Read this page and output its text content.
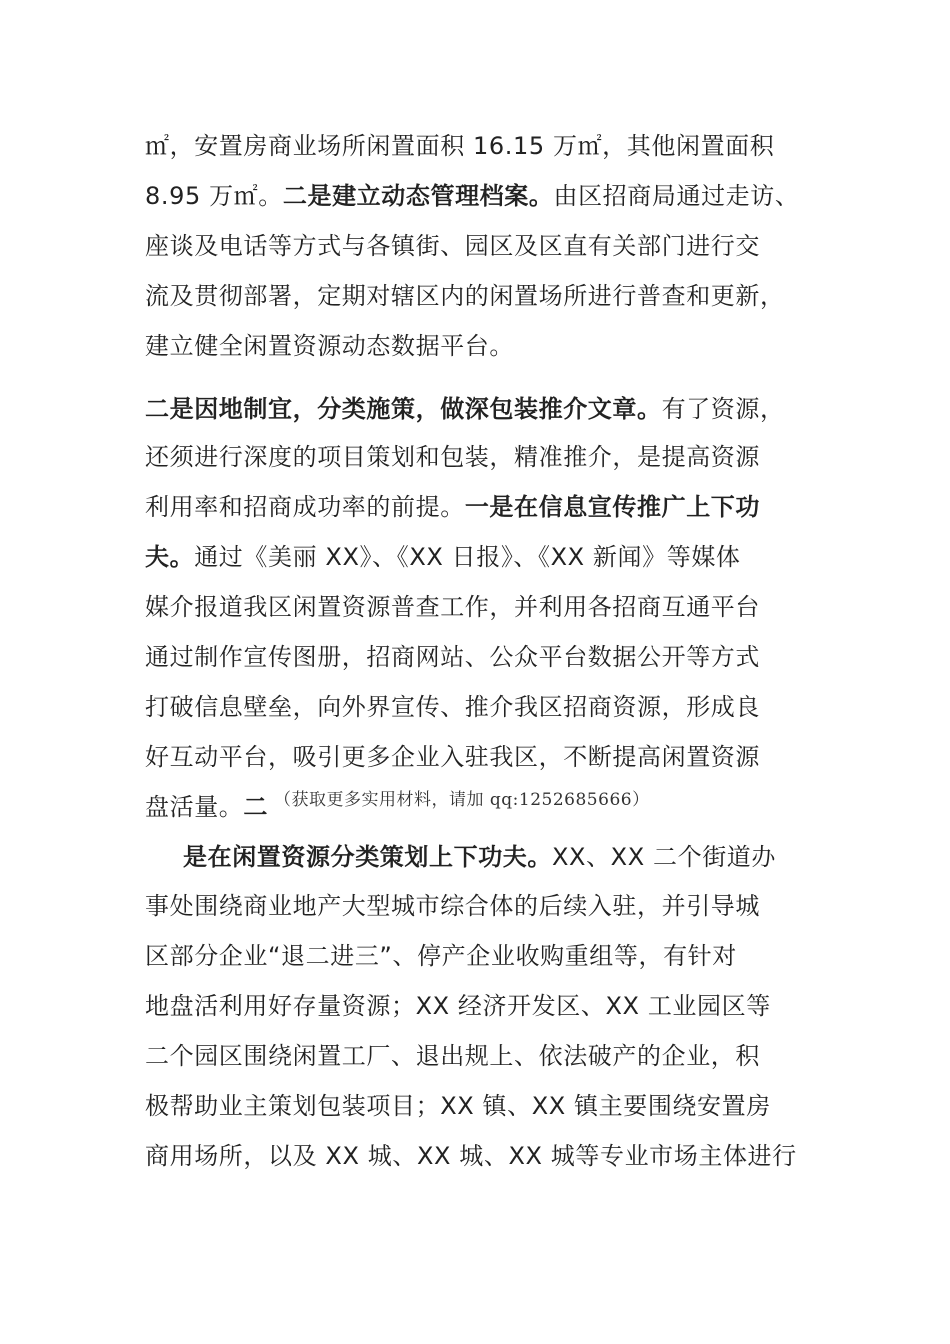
㎡，安置房商业场所闲置面积 16.15 万㎡，其他闲置面积
8.95 万㎡。二是建立动态管理档案。由区招商局通过走访、
座谈及电话等方式与各镇街、园区及区直有关部门进行交
流及贯彻部署，定期对辖区内的闲置场所进行普查和更新，
建立健全闲置资源动态数据平台。
二是因地制宜，分类施策，做深包装推介文章。有了资源，
还须进行深度的项目策划和包装，精准推介，是提高资源
利用率和招商成功率的前提。一是在信息宣传推广上下功
夫。通过《美丽 XX》、《XX 日报》、《XX 新闻》等媒体
媒介报道我区闲置资源普查工作，并利用各招商互通平台
通过制作宣传图册，招商网站、公众平台数据公开等方式
打破信息壁垒，向外界宣传、推介我区招商资源，形成良
好互动平台，吸引更多企业入驻我区，不断提高闲置资源
盘活量。二 $^{(获取更多实用材料,请加 qq:1252685666)}$
是在闲置资源分类策划上下功夫。XX、XX 二个街道办
事处围绕商业地产大型城市综合体的后续入驻，并引导城
区部分企业“退二进三”、停产企业收购重组等，有针对
地盘活利用好存量资源；XX 经济开发区、XX 工业园区等
二个园区围绕闲置工厂、退出规上、依法破产的企业，积
极帮助业主策划包装项目；XX 镇、XX 镇主要围绕安置房
商用场所，以及 XX 城、XX 城、XX 城等专业市场主体进行
